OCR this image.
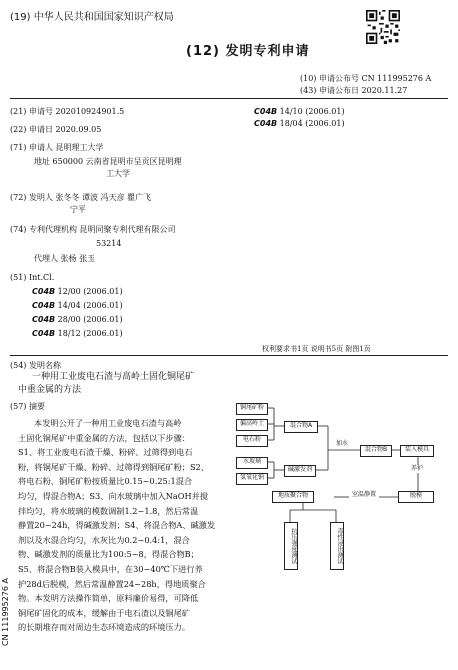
(19) 中华人民共和国国家知识产权局
(12) 发明专利申请
(10) 申请公布号 CN 111995276 A
(43) 申请公布日 2020.11.27
(21) 申请号 202010924901.5
(22) 申请日 2020.09.05
(71) 申请人 昆明理工大学
地址 650000 云南省昆明市呈贡区昆明理
工大学
(72) 发明人 张冬冬 谭波 冯天彦 瞿广飞
宁平
(74) 专利代理机构 昆明同聚专利代理有限公司
53214
代理人 张杨 张玉
(51) Int.Cl.
C04B 12/00 (2006.01)
C04B 14/04 (2006.01)
C04B 28/00 (2006.01)
C04B 18/12 (2006.01)
C04B 14/10 (2006.01)
C04B 18/04 (2006.01)
权利要求书1页 说明书5页 附图1页
(54) 发明名称
一种用工业废电石渣与高岭土固化铜尾矿
中重金属的方法
(57) 摘要

本发明公开了一种用工业废电石渣与高岭

土固化铜尾矿中重金属的方法，包括以下步骤：

S1、将工业废电石渣干燥、粉碎、过筛得到电石

粉，将铜尾矿干燥、粉碎、过筛得到铜尾矿粉；S2、

将电石粉、铜尾矿粉按质量比0.15~0.25:1混合

均匀，得混合物A；S3、向水玻璃中加入NaOH并搅

拌均匀，将水玻璃的模数调制1.2~1.8，然后常温

静置20~24h，得碱激发剂；S4、将混合物A、碱激发

剂以及水混合均匀，水灰比为0.2~0.4:1，混合

物、碱激发剂的质量比为100:5~8，得混合物B；

S5、将混合物B装入模具中，在30~40℃下进行养

护28d后脱模，然后常温静置24~28h，得地质聚合

物。本发明方法操作简单，原料廉价易得，可降低

铜尾矿固化的成本，缓解由于电石渣以及铜尾矿

的长期堆存而对周边生态环境造成的环境压力。

CN 111995276 A
铜尾矿粉
偏高岭土
电石粉
混合物A
水玻璃
氢氧化钠
碱激发剂
加水
混合物B	装入模具
养护
脱模
室温静置
地质聚合物
抗压强度测试	毒性浸出测试
